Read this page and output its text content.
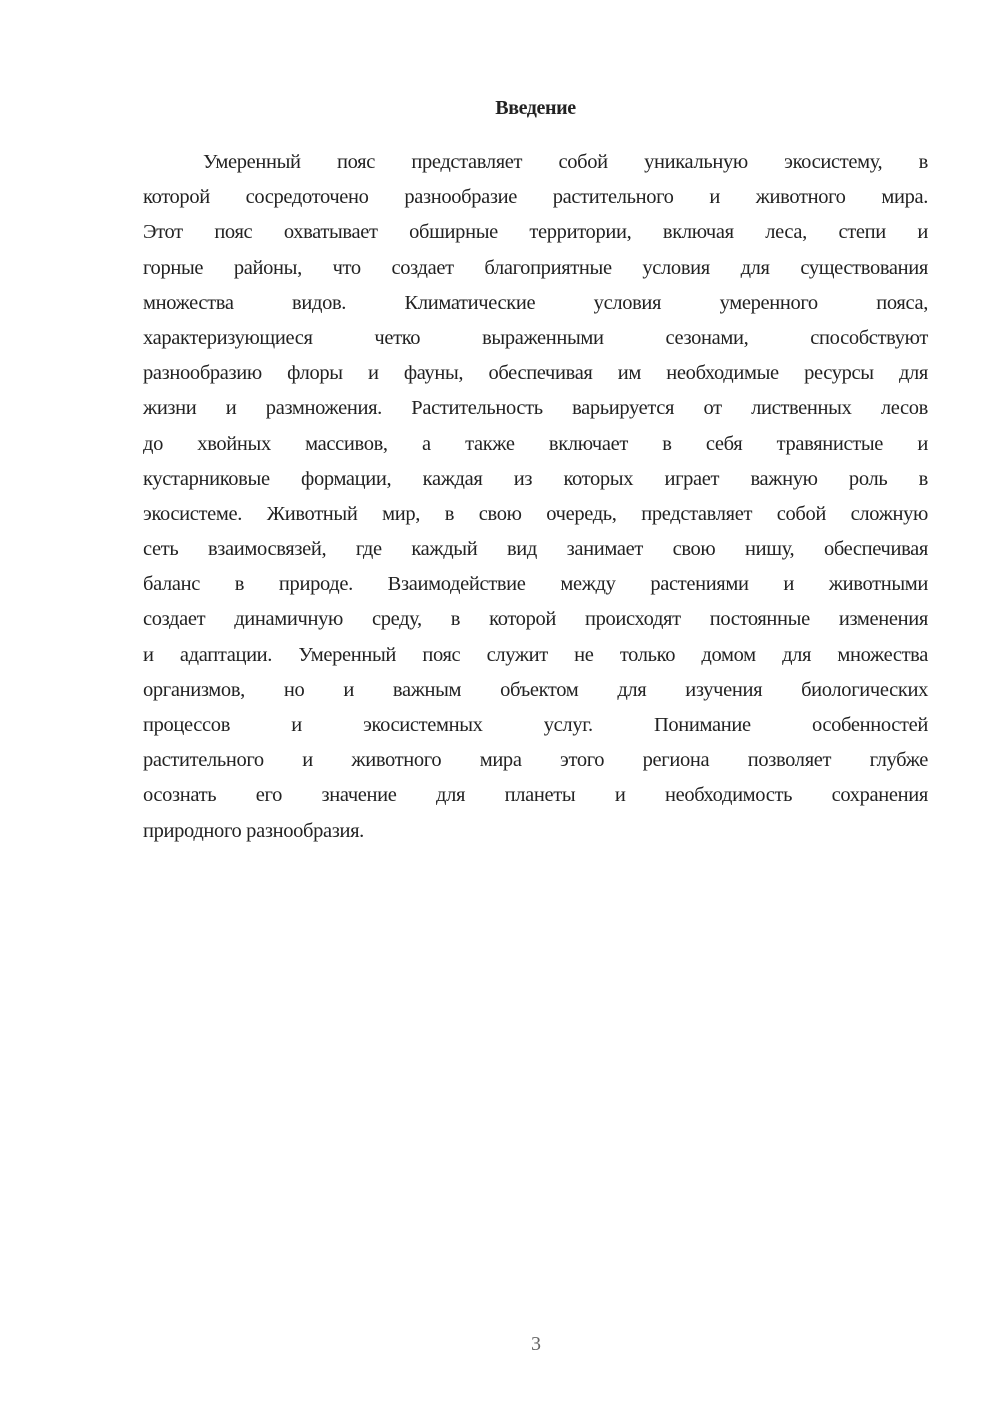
Введение
Умеренный пояс представляет собой уникальную экосистему, в
которой сосредоточено разнообразие растительного и животного мира.
Этот пояс охватывает обширные территории, включая леса, степи и
горные районы, что создает благоприятные условия для существования
множества видов. Климатические условия умеренного пояса,
характеризующиеся четко выраженными сезонами, способствуют
разнообразию флоры и фауны, обеспечивая им необходимые ресурсы для
жизни и размножения. Растительность варьируется от лиственных лесов
до хвойных массивов, а также включает в себя травянистые и
кустарниковые формации, каждая из которых играет важную роль в
экосистеме. Животный мир, в свою очередь, представляет собой сложную
сеть взаимосвязей, где каждый вид занимает свою нишу, обеспечивая
баланс в природе. Взаимодействие между растениями и животными
создает динамичную среду, в которой происходят постоянные изменения
и адаптации. Умеренный пояс служит не только домом для множества
организмов, но и важным объектом для изучения биологических
процессов и экосистемных услуг. Понимание особенностей
растительного и животного мира этого региона позволяет глубже
осознать его значение для планеты и необходимость сохранения
природного разнообразия.
3
